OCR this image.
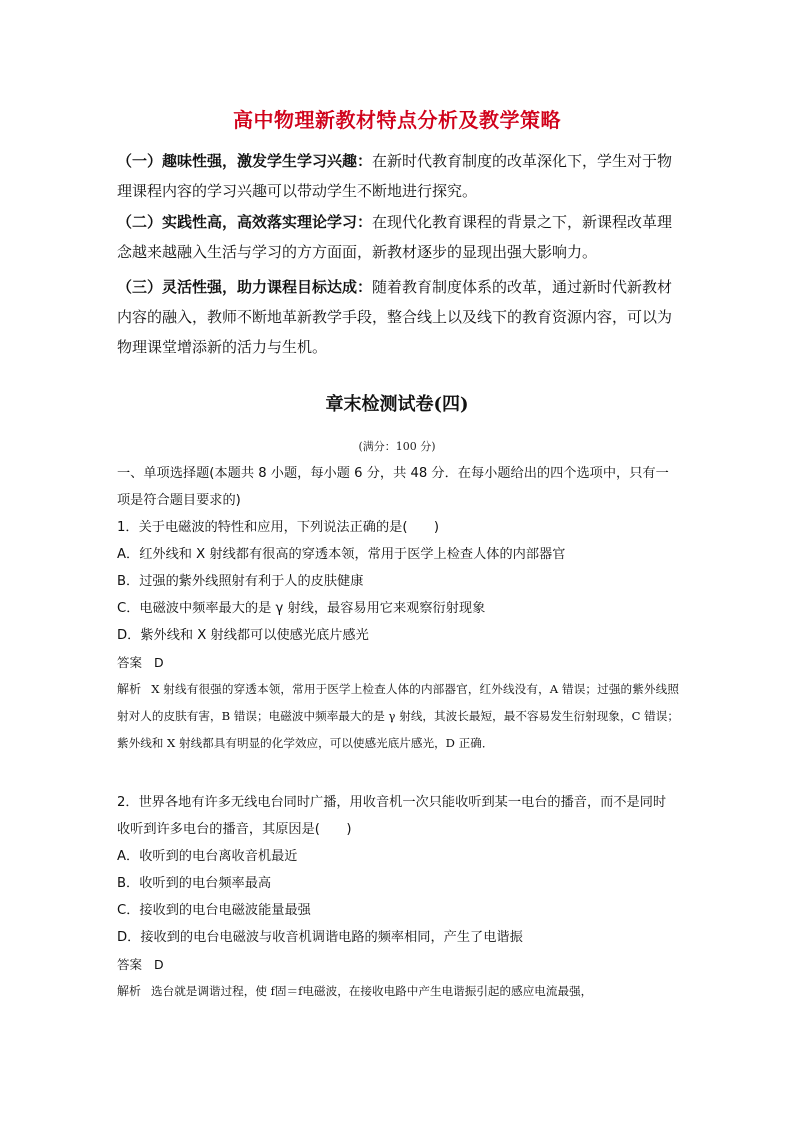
高中物理新教材特点分析及教学策略
（一）趣味性强，激发学生学习兴趣：在新时代教育制度的改革深化下，学生对于物理课程内容的学习兴趣可以带动学生不断地进行探究。
（二）实践性高，高效落实理论学习：在现代化教育课程的背景之下，新课程改革理念越来越融入生活与学习的方方面面，新教材逐步的显现出强大影响力。
（三）灵活性强，助力课程目标达成：随着教育制度体系的改革，通过新时代新教材内容的融入，教师不断地革新教学手段，整合线上以及线下的教育资源内容，可以为物理课堂增添新的活力与生机。
章末检测试卷(四)
(满分：100 分)
一、单项选择题(本题共 8 小题，每小题 6 分，共 48 分．在每小题给出的四个选项中，只有一项是符合题目要求的)
1．关于电磁波的特性和应用，下列说法正确的是(　　)
A．红外线和 X 射线都有很高的穿透本领，常用于医学上检查人体的内部器官
B．过强的紫外线照射有利于人的皮肤健康
C．电磁波中频率最大的是 γ 射线，最容易用它来观察衍射现象
D．紫外线和 X 射线都可以使感光底片感光
答案 D
解析 X 射线有很强的穿透本领，常用于医学上检查人体的内部器官，红外线没有，A 错误；过强的紫外线照射对人的皮肤有害，B 错误；电磁波中频率最大的是 γ 射线，其波长最短，最不容易发生衍射现象，C 错误；紫外线和 X 射线都具有明显的化学效应，可以使感光底片感光，D 正确．
2．世界各地有许多无线电台同时广播，用收音机一次只能收听到某一电台的播音，而不是同时收听到许多电台的播音，其原因是(　　)
A．收听到的电台离收音机最近
B．收听到的电台频率最高
C．接收到的电台电磁波能量最强
D．接收到的电台电磁波与收音机调谐电路的频率相同，产生了电谐振
答案 D
解析 选台就是调谐过程，使 f固＝f电磁波，在接收电路中产生电谐振引起的感应电流最强，
